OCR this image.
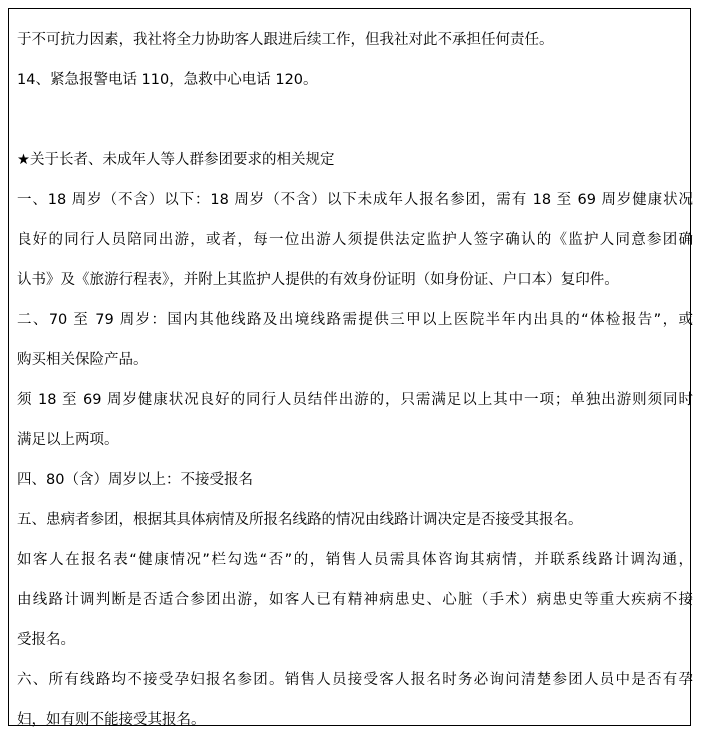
于不可抗力因素，我社将全力协助客人跟进后续工作，但我社对此不承担任何责任。
14、紧急报警电话 110，急救中心电话 120。
★关于长者、未成年人等人群参团要求的相关规定
一、18 周岁（不含）以下：18 周岁（不含）以下未成年人报名参团，需有 18 至 69 周岁健康状况
良好的同行人员陪同出游，或者，每一位出游人须提供法定监护人签字确认的《监护人同意参团确
认书》及《旅游行程表》，并附上其监护人提供的有效身份证明（如身份证、户口本）复印件。
二、70 至 79 周岁：国内其他线路及出境线路需提供三甲以上医院半年内出具的“体检报告”，或
购买相关保险产品。
须 18 至 69 周岁健康状况良好的同行人员结伴出游的，只需满足以上其中一项；单独出游则须同时
满足以上两项。
四、80（含）周岁以上：不接受报名
五、患病者参团，根据其具体病情及所报名线路的情况由线路计调决定是否接受其报名。
如客人在报名表“健康情况”栏勾选“否”的，销售人员需具体咨询其病情，并联系线路计调沟通，
由线路计调判断是否适合参团出游，如客人已有精神病患史、心脏（手术）病患史等重大疾病不接
受报名。
六、所有线路均不接受孕妇报名参团。销售人员接受客人报名时务必询问清楚参团人员中是否有孕
妇，如有则不能接受其报名。
